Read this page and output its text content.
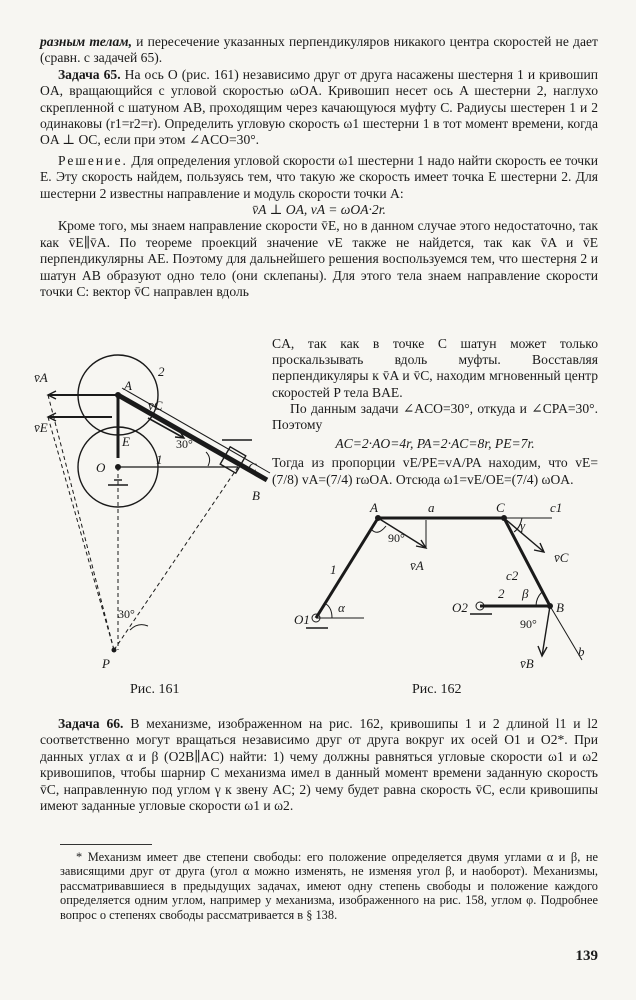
разным телам, и пересечение указанных перпендикуляров никакого центра скоростей не дает (сравн. с задачей 65).

Задача 65. На ось O (рис. 161) независимо друг от друга насажены шестерня 1 и кривошип OA, вращающийся с угловой скоростью ωOA. Кривошип несет ось A шестерни 2, наглухо скрепленной с шатуном AB, проходящим через качающуюся муфту C. Радиусы шестерен 1 и 2 одинаковы (r1=r2=r). Определить угловую скорость ω1 шестерни 1 в тот момент времени, когда OA ⊥ OC, если при этом ∠ACO=30°.

Решение. Для определения угловой скорости ω1 шестерни 1 надо найти скорость ее точки E. Эту скорость найдем, пользуясь тем, что такую же скорость имеет точка E шестерни 2. Для шестерни 2 известны направление и модуль скорости точки A:

v̄A ⊥ OA, vA = ωOA·2r.

Кроме того, мы знаем направление скорости v̄E, но в данном случае этого недостаточно, так как v̄E∥v̄A. По теореме проекций значение vE также не найдется, так как v̄A и v̄E перпендикулярны AE. Поэтому для дальнейшего решения воспользуемся тем, что шестерня 2 и шатун AB образуют одно тело (они склепаны). Для этого тела знаем направление скорости точки C: вектор v̄C направлен вдоль

CA, так как в точке C шатун может только проскальзывать вдоль муфты. Восставляя перпендикуляры к v̄A и v̄C, находим мгновенный центр скоростей P тела BAE.

По данным задачи ∠ACO=30°, откуда и ∠CPA=30°. Поэтому

AC=2·AO=4r, PA=2·AC=8r, PE=7r.

Тогда из пропорции vE/PE=vA/PA находим, что vE=(7/8) vA=(7/4) rωOA. Отсюда ω1=vE/OE=(7/4) ωOA.

v̄A
v̄E
v̄C
A
E
O	C
B
P
1
2
30°
30°
Рис. 161
A	a	C	c1
γ
90°
v̄A
v̄C
1
α
O1
c2
O2
2 β
B
90°
b
v̄B
Рис. 162

Задача 66. В механизме, изображенном на рис. 162, кривошипы 1 и 2 длиной l1 и l2 соответственно могут вращаться независимо друг от друга вокруг их осей O1 и O2*. При данных углах α и β (O2B∥AC) найти: 1) чему должны равняться угловые скорости ω1 и ω2 кривошипов, чтобы шарнир C механизма имел в данный момент времени заданную скорость v̄C, направленную под углом γ к звену AC; 2) чему будет равна скорость v̄C, если кривошипы имеют заданные угловые скорости ω1 и ω2.

* Механизм имеет две степени свободы: его положение определяется двумя углами α и β, не зависящими друг от друга (угол α можно изменять, не изменяя угол β, и наоборот). Механизмы, рассматривавшиеся в предыдущих задачах, имеют одну степень свободы и положение каждого определяется одним углом, например у механизма, изображенного на рис. 158, углом φ. Подробнее вопрос о степенях свободы рассматривается в § 138.

139
